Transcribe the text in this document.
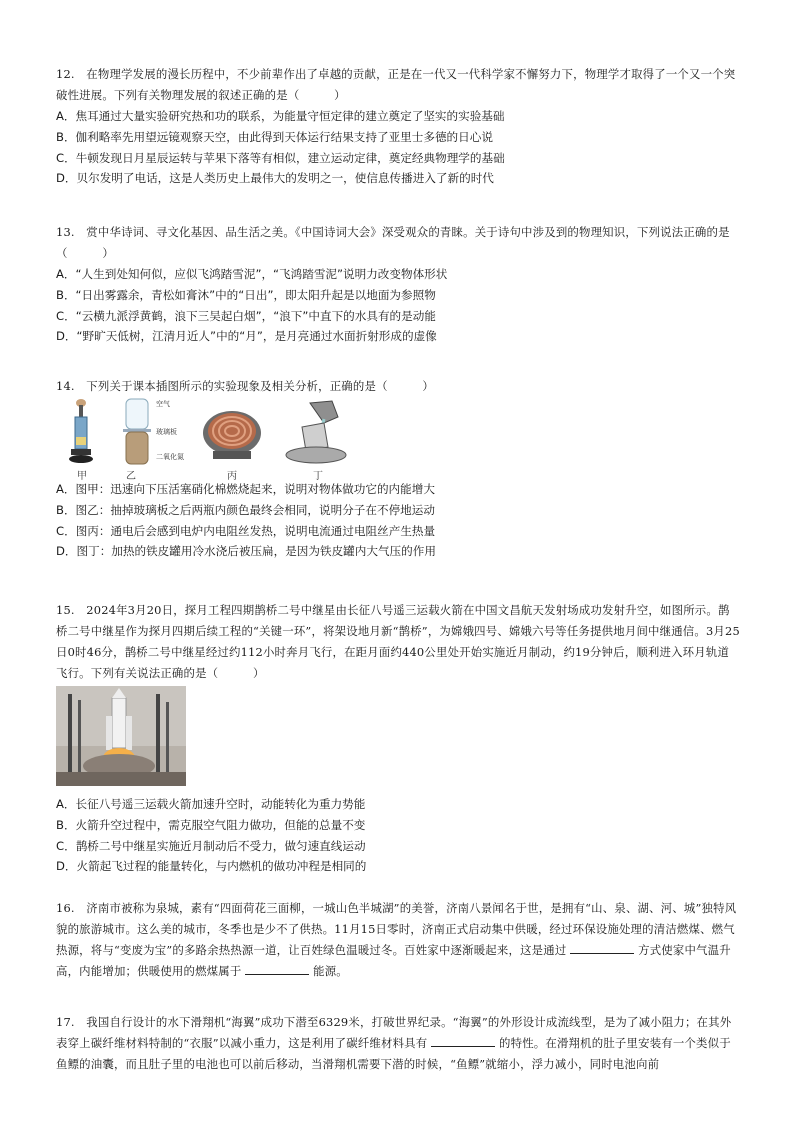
12.　在物理学发展的漫长历程中，不少前辈作出了卓越的贡献，正是在一代又一代科学家不懈努力下，物理学才取得了一个又一个突破性进展。下列有关物理发展的叙述正确的是（　　　）

A．焦耳通过大量实验研究热和功的联系，为能量守恒定律的建立奠定了坚实的实验基础

B．伽利略率先用望远镜观察天空，由此得到天体运行结果支持了亚里士多德的日心说

C．牛顿发现日月星辰运转与苹果下落等有相似，建立运动定律，奠定经典物理学的基础

D．贝尔发明了电话，这是人类历史上最伟大的发明之一，使信息传播进入了新的时代

13.　赏中华诗词、寻文化基因、品生活之美。《中国诗词大会》深受观众的青睐。关于诗句中涉及到的物理知识，下列说法正确的是（　　　）

A．“人生到处知何似，应似飞鸿踏雪泥”，“飞鸿踏雪泥”说明力改变物体形状

B．“日出雾露余，青松如膏沐”中的“日出”，即太阳升起是以地面为参照物

C．“云横九派浮黄鹤，浪下三吴起白烟”，“浪下”中直下的水具有的是动能

D．“野旷天低树，江清月近人”中的“月”，是月亮通过水面折射形成的虚像

14.　下列关于课本插图所示的实验现象及相关分析，正确的是（　　　）

甲
空气
玻璃板
二氧化氮
乙	丙	丁

A．图甲：迅速向下压活塞硝化棉燃烧起来，说明对物体做功它的内能增大

B．图乙：抽掉玻璃板之后两瓶内颜色最终会相同，说明分子在不停地运动

C．图丙：通电后会感到电炉内电阻丝发热，说明电流通过电阻丝产生热量

D．图丁：加热的铁皮罐用冷水浇后被压扁，是因为铁皮罐内大气压的作用

15.　2024年3月20日，探月工程四期鹊桥二号中继星由长征八号遥三运载火箭在中国文昌航天发射场成功发射升空，如图所示。鹊桥二号中继星作为探月四期后续工程的“关键一环”，将架设地月新“鹊桥”，为嫦娥四号、嫦娥六号等任务提供地月间中继通信。3月25日0时46分，鹊桥二号中继星经过约112小时奔月飞行，在距月面约440公里处开始实施近月制动，约19分钟后，顺利进入环月轨道飞行。下列有关说法正确的是（　　　）

A．长征八号遥三运载火箭加速升空时，动能转化为重力势能

B．火箭升空过程中，需克服空气阻力做功，但能的总量不变

C．鹊桥二号中继星实施近月制动后不受力，做匀速直线运动

D．火箭起飞过程的能量转化，与内燃机的做功冲程是相同的

16.　济南市被称为泉城，素有“四面荷花三面柳，一城山色半城湖”的美誉，济南八景闻名于世，是拥有“山、泉、湖、河、城”独特风貌的旅游城市。这么美的城市，冬季也是少不了供热。11月15日零时，济南正式启动集中供暖，经过环保设施处理的清洁燃煤、燃气热源，将与“变废为宝”的多路余热热源一道，让百姓绿色温暖过冬。百姓家中逐渐暖起来，这是通过	方式使家中气温升高，内能增加；供暖使用的燃煤属于	能源。

17.　我国自行设计的水下滑翔机“海翼”成功下潜至6329米，打破世界纪录。“海翼”的外形设计成流线型，是为了减小阻力；在其外表穿上碳纤维材料特制的“衣服”以减小重力，这是利用了碳纤维材料具有	的特性。在滑翔机的肚子里安装有一个类似于鱼鳔的油囊，而且肚子里的电池也可以前后移动，当滑翔机需要下潜的时候，“鱼鳔”就缩小，浮力减小，同时电池向前
